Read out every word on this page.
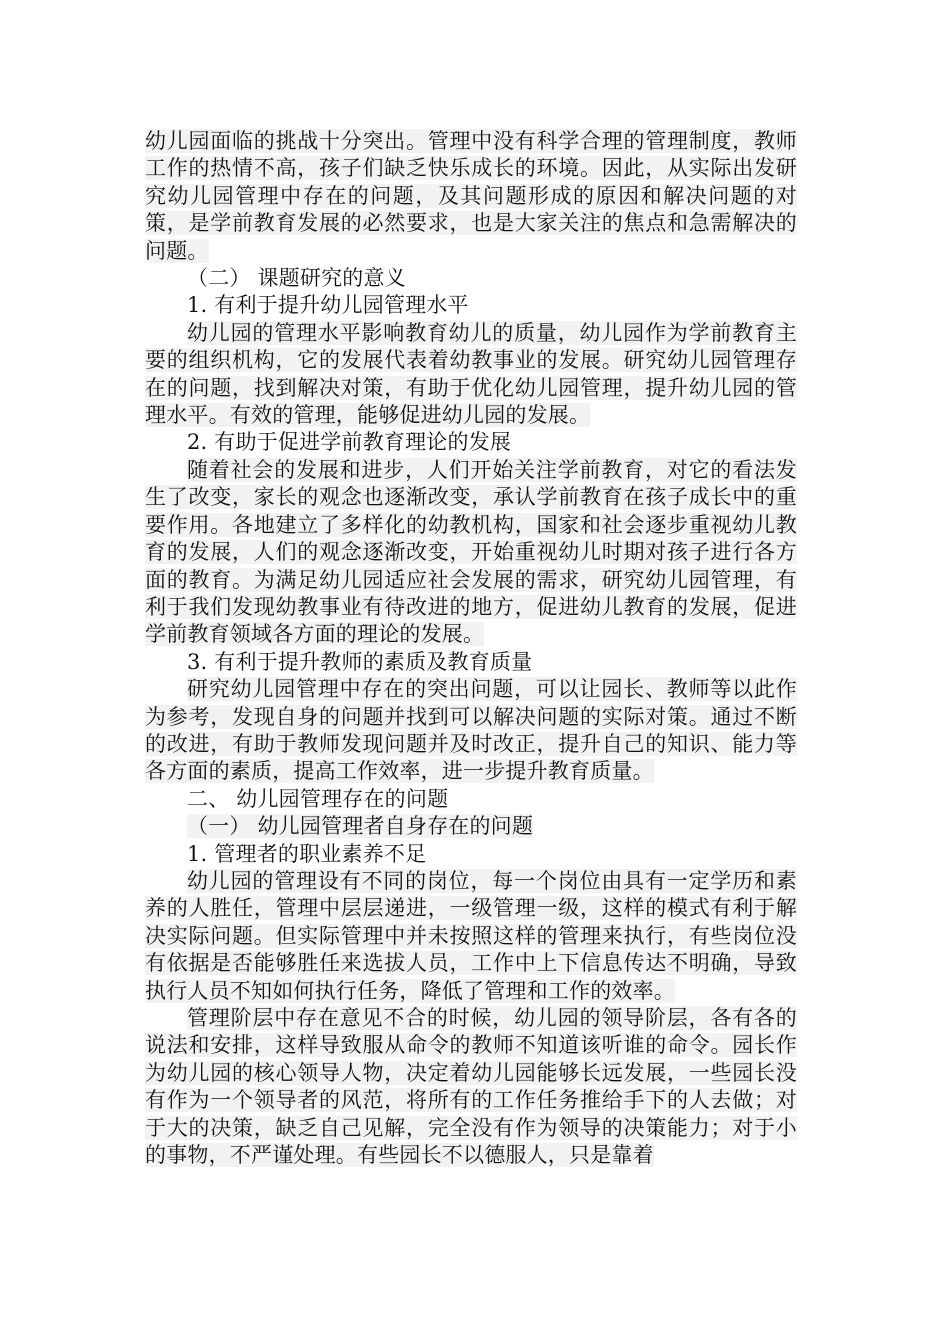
幼儿园面临的挑战十分突出。管理中没有科学合理的管理制度，教师工作的热情不高，孩子们缺乏快乐成长的环境。因此，从实际出发研究幼儿园管理中存在的问题，及其问题形成的原因和解决问题的对策，是学前教育发展的必然要求，也是大家关注的焦点和急需解决的问题。

（二） 课题研究的意义

1. 有利于提升幼儿园管理水平

幼儿园的管理水平影响教育幼儿的质量，幼儿园作为学前教育主要的组织机构，它的发展代表着幼教事业的发展。研究幼儿园管理存在的问题，找到解决对策，有助于优化幼儿园管理，提升幼儿园的管理水平。有效的管理，能够促进幼儿园的发展。

2. 有助于促进学前教育理论的发展

随着社会的发展和进步，人们开始关注学前教育，对它的看法发生了改变，家长的观念也逐渐改变，承认学前教育在孩子成长中的重要作用。各地建立了多样化的幼教机构，国家和社会逐步重视幼儿教育的发展，人们的观念逐渐改变，开始重视幼儿时期对孩子进行各方面的教育。为满足幼儿园适应社会发展的需求，研究幼儿园管理，有利于我们发现幼教事业有待改进的地方，促进幼儿教育的发展，促进学前教育领域各方面的理论的发展。

3. 有利于提升教师的素质及教育质量

研究幼儿园管理中存在的突出问题，可以让园长、教师等以此作为参考，发现自身的问题并找到可以解决问题的实际对策。通过不断的改进，有助于教师发现问题并及时改正，提升自己的知识、能力等各方面的素质，提高工作效率，进一步提升教育质量。

二、 幼儿园管理存在的问题

（一） 幼儿园管理者自身存在的问题

1. 管理者的职业素养不足

幼儿园的管理设有不同的岗位，每一个岗位由具有一定学历和素养的人胜任，管理中层层递进，一级管理一级，这样的模式有利于解决实际问题。但实际管理中并未按照这样的管理来执行，有些岗位没有依据是否能够胜任来选拔人员，工作中上下信息传达不明确，导致执行人员不知如何执行任务，降低了管理和工作的效率。

管理阶层中存在意见不合的时候，幼儿园的领导阶层，各有各的说法和安排，这样导致服从命令的教师不知道该听谁的命令。园长作为幼儿园的核心领导人物，决定着幼儿园能够长远发展，一些园长没有作为一个领导者的风范，将所有的工作任务推给手下的人去做；对于大的决策，缺乏自己见解，完全没有作为领导的决策能力；对于小的事物，不严谨处理。有些园长不以德服人，只是靠着
